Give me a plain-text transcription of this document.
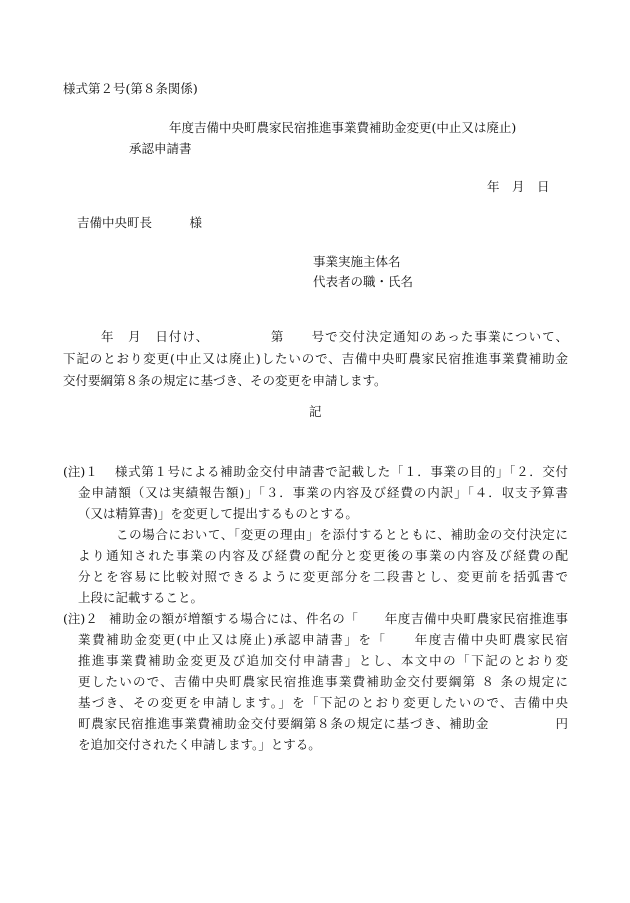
様式第２号(第８条関係)
年度吉備中央町農家民宿推進事業費補助金変更(中止又は廃止)
承認申請書
年　月　日
吉備中央町長　　　様
事業実施主体名
代表者の職・氏名
年　月　日付け、　　　　　第　　号で交付決定通知のあった事業について、
下記のとおり変更(中止又は廃止)したいので、吉備中央町農家民宿推進事業費補助金
交付要綱第８条の規定に基づき、その変更を申請します。
記
(注)１ 様式第１号による補助金交付申請書で記載した「１．事業の目的」「２．交付
金申請額（又は実績報告額)」「３．事業の内容及び経費の内訳」「４．収支予算書
（又は精算書)」を変更して提出するものとする。
この場合において、「変更の理由」を添付するとともに、補助金の交付決定に
より通知された事業の内容及び経費の配分と変更後の事業の内容及び経費の配
分とを容易に比較対照できるように変更部分を二段書とし、変更前を括弧書で
上段に記載すること。
(注)２ 補助金の額が増額する場合には、件名の「　　年度吉備中央町農家民宿推進事
業費補助金変更(中止又は廃止)承認申請書」を「　　年度吉備中央町農家民宿
推進事業費補助金変更及び追加交付申請書」とし、本文中の「下記のとおり変
更したいので、吉備中央町農家民宿推進事業費補助金交付要綱第 ８ 条の規定に
基づき、その変更を申請します。」を「下記のとおり変更したいので、吉備中央
町農家民宿推進事業費補助金交付要綱第８条の規定に基づき、補助金　　　　　円
を追加交付されたく申請します。」とする。
